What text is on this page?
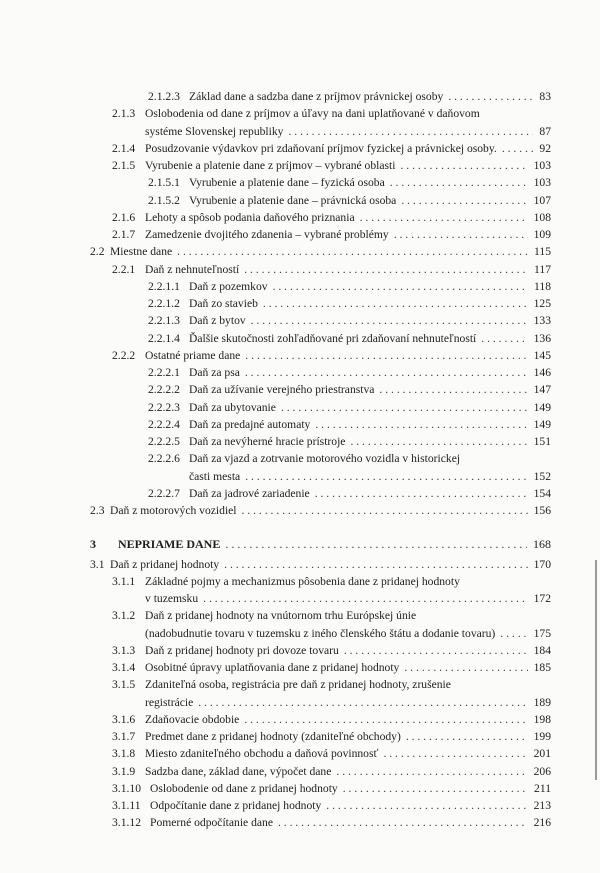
2.1.2.3 Základ dane a sadzba dane z príjmov právnickej osoby . . .	83
2.1.3 Oslobodenia od dane z príjmov a úľavy na dani uplatňované v daňovom
systéme Slovenskej republiky . . .	87
2.1.4 Posudzovanie výdavkov pri zdaňovaní príjmov fyzickej a právnickej osoby. . . .	92
2.1.5 Vyrubenie a platenie dane z príjmov – vybrané oblasti . . .	103
2.1.5.1 Vyrubenie a platenie dane – fyzická osoba . . .	103
2.1.5.2 Vyrubenie a platenie dane – právnická osoba . . .	107
2.1.6 Lehoty a spôsob podania daňového priznania . . .	108
2.1.7 Zamedzenie dvojitého zdanenia – vybrané problémy . . .	109
2.2 Miestne dane . . .	115
2.2.1 Daň z nehnuteľností . . .	117
2.2.1.1 Daň z pozemkov . . .	118
2.2.1.2 Daň zo stavieb . . .	125
2.2.1.3 Daň z bytov . . .	133
2.2.1.4 Ďalšie skutočnosti zohľadňované pri zdaňovaní nehnuteľností . . .	136
2.2.2 Ostatné priame dane . . .	145
2.2.2.1 Daň za psa . . .	146
2.2.2.2 Daň za užívanie verejného priestranstva . . .	147
2.2.2.3 Daň za ubytovanie . . .	149
2.2.2.4 Daň za predajné automaty . . .	149
2.2.2.5 Daň za nevýherné hracie prístroje . . .	151
2.2.2.6 Daň za vjazd a zotrvanie motorového vozidla v historickej
časti mesta . . .	152
2.2.2.7 Daň za jadrové zariadenie . . .	154
2.3 Daň z motorových vozidiel . . .	156
3	NEPRIAME DANE . . .	168
3.1 Daň z pridanej hodnoty . . .	170
3.1.1 Základné pojmy a mechanizmus pôsobenia dane z pridanej hodnoty
v tuzemsku . . .	172
3.1.2 Daň z pridanej hodnoty na vnútornom trhu Európskej únie
(nadobudnutie tovaru v tuzemsku z iného členského štátu a dodanie tovaru) . . .	175
3.1.3 Daň z pridanej hodnoty pri dovoze tovaru . . .	184
3.1.4 Osobitné úpravy uplatňovania dane z pridanej hodnoty . . .	185
3.1.5 Zdaniteľná osoba, registrácia pre daň z pridanej hodnoty, zrušenie
registrácie . . .	189
3.1.6 Zdaňovacie obdobie . . .	198
3.1.7 Predmet dane z pridanej hodnoty (zdaniteľné obchody) . . .	199
3.1.8 Miesto zdaniteľného obchodu a daňová povinnosť . . .	201
3.1.9 Sadzba dane, základ dane, výpočet dane . . .	206
3.1.10 Oslobodenie od dane z pridanej hodnoty . . .	211
3.1.11 Odpočítanie dane z pridanej hodnoty . . .	213
3.1.12 Pomerné odpočítanie dane . . .	216
